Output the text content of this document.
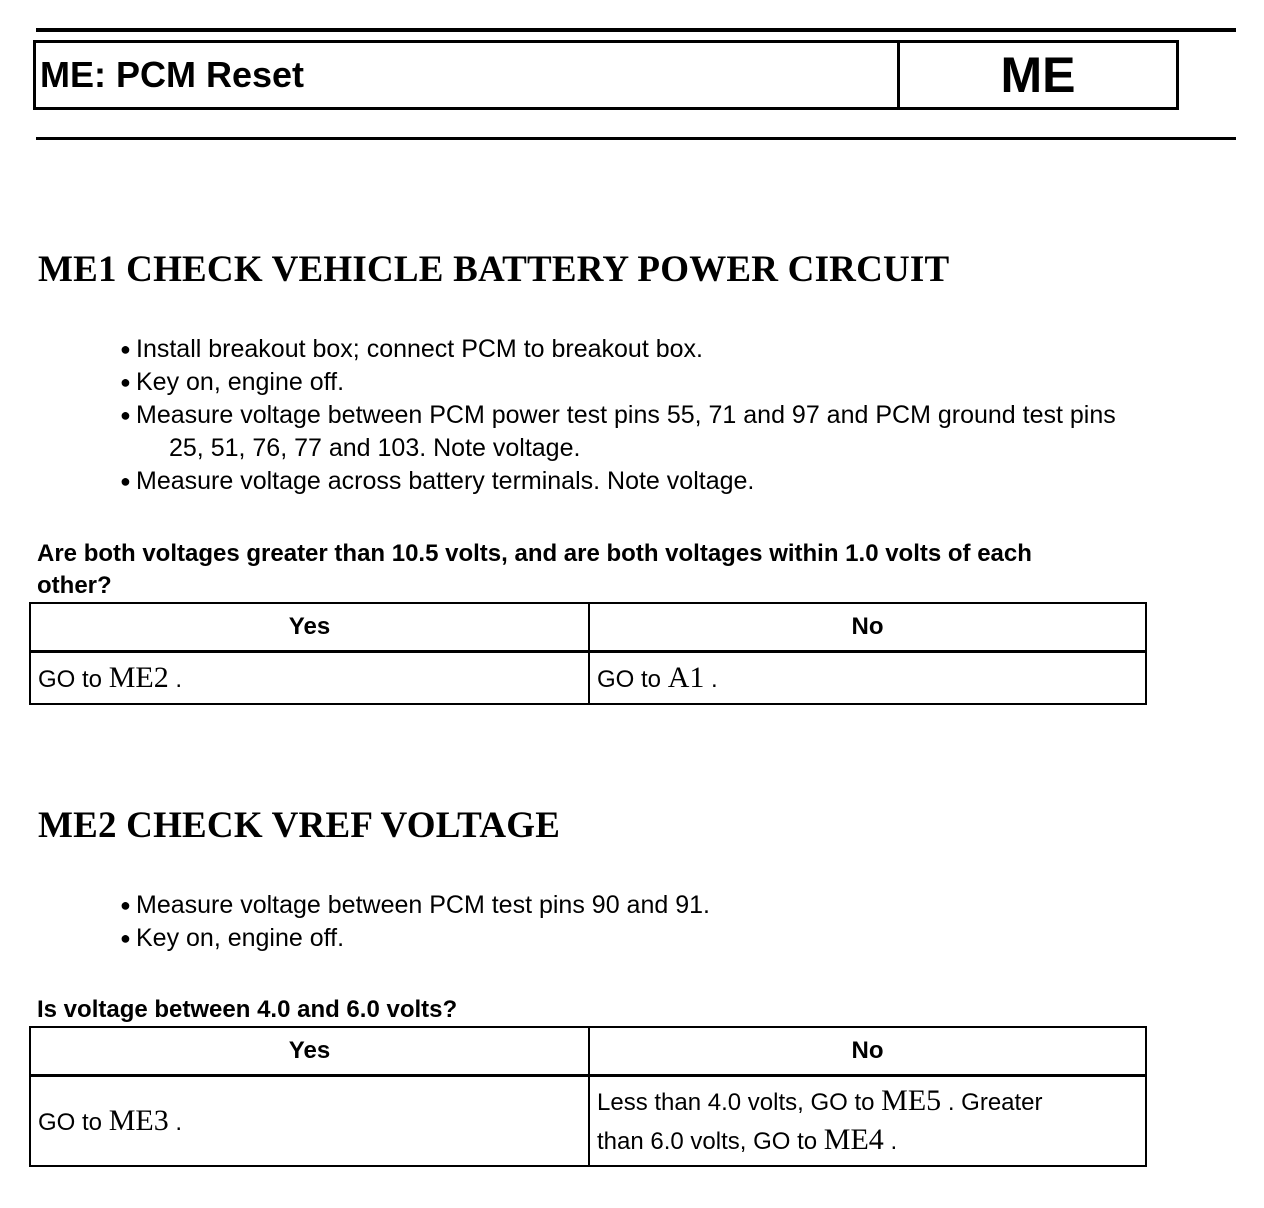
ME: PCM Reset	ME
ME1 CHECK VEHICLE BATTERY POWER CIRCUIT
● Install breakout box; connect PCM to breakout box.
● Key on, engine off.
● Measure voltage between PCM power test pins 55, 71 and 97 and PCM ground test pins
25, 51, 76, 77 and 103. Note voltage.
● Measure voltage across battery terminals. Note voltage.
Are both voltages greater than 10.5 volts, and are both voltages within 1.0 volts of each
other?
Yes	No
GO to ME2 .	GO to A1 .
ME2 CHECK VREF VOLTAGE
● Measure voltage between PCM test pins 90 and 91.
● Key on, engine off.
Is voltage between 4.0 and 6.0 volts?
Yes	No
GO to ME3 .	Less than 4.0 volts, GO to ME5 . Greater
than 6.0 volts, GO to ME4 .
